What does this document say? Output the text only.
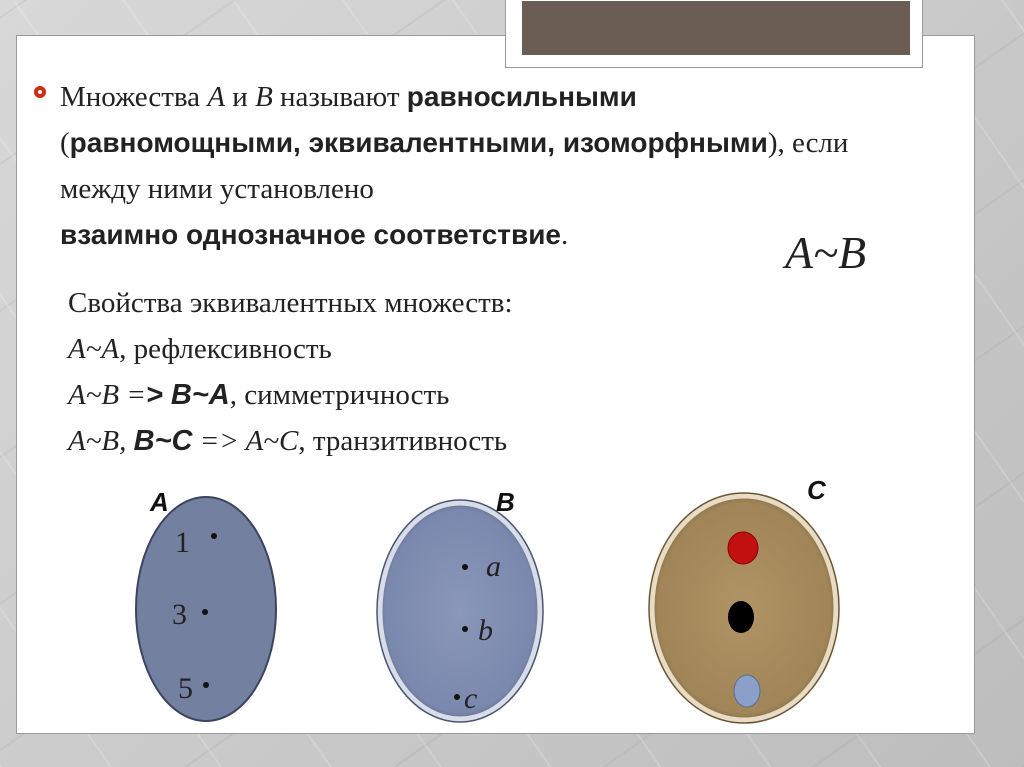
Множества A и B называют равносильными
(равномощными, эквивалентными, изоморфными), если между ними установлено
взаимно однозначное соответствие.	A~B
Свойства эквивалентных множеств:
A~A, рефлексивность
A~B => B~A, симметричность
A~B, B~C => A~C, транзитивность
A	B	C
1
3
5
a
b
c
